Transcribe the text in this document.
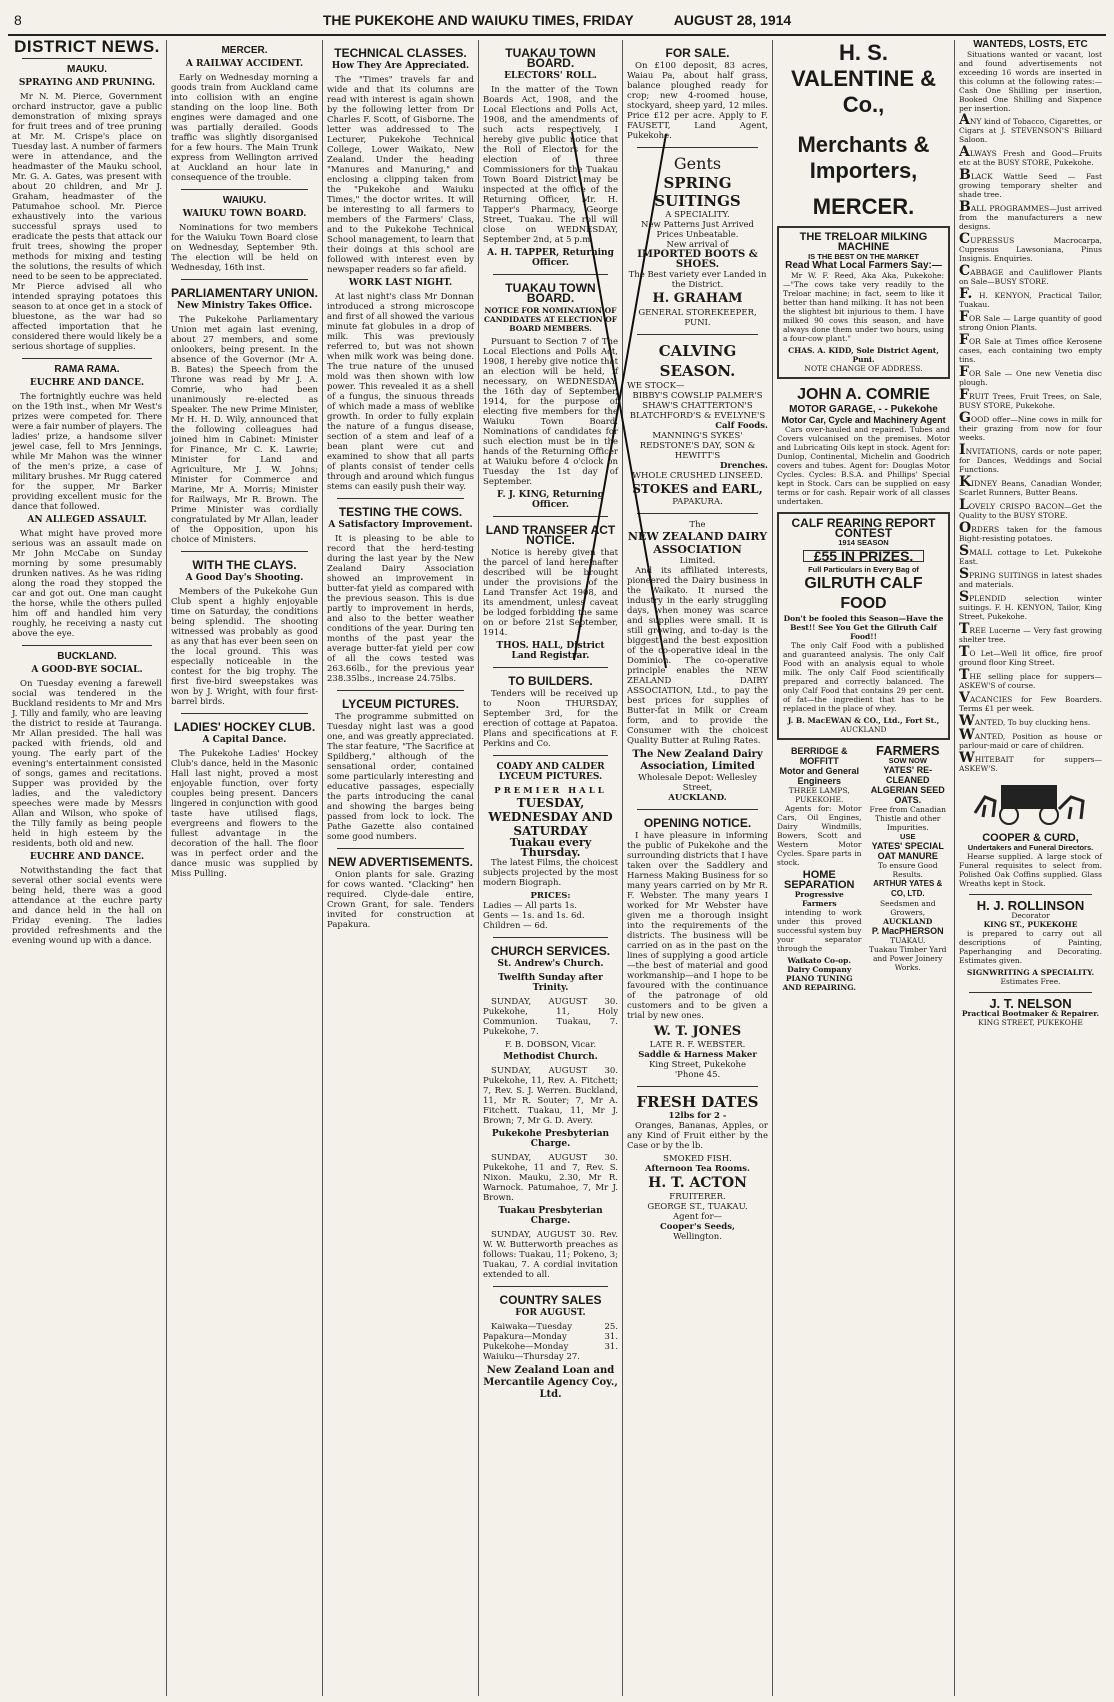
8	THE PUKEKOHE AND WAIUKU TIMES, FRIDAY	AUGUST 28, 1914
DISTRICT NEWS.
MAUKU.
SPRAYING AND PRUNING.

Mr N. M. Pierce, Government orchard instructor, gave a public demonstration of mixing sprays for fruit trees and of tree pruning at Mr. M. Crispe's place on Tuesday last. A number of farmers were in attendance, and the headmaster of the Mauku school, Mr. G. A. Gates, was present with about 20 children, and Mr J. Graham, headmaster of the Patumahoe school. Mr. Pierce exhaustively into the various successful sprays used to eradicate the pests that attack our fruit trees, showing the proper methods for mixing and testing the solutions, the results of which need to be seen to be appreciated. Mr Pierce advised all who intended spraying potatoes this season to at once get in a stock of bluestone, as the war had so affected importation that he considered there would likely be a serious shortage of supplies.

RAMA RAMA.
EUCHRE AND DANCE.

The fortnightly euchre was held on the 19th inst., when Mr West's prizes were competed for. There were a fair number of players. The ladies' prize, a handsome silver jewel case, fell to Mrs Jennings, while Mr Mahon was the winner of the men's prize, a case of military brushes. Mr Rugg catered for the supper, Mr Barker providing excellent music for the dance that followed.

AN ALLEGED ASSAULT.

What might have proved more serious was an assault made on Mr John McCabe on Sunday morning by some presumably drunken natives. As he was riding along the road they stopped the car and got out. One man caught the horse, while the others pulled him off and handled him very roughly, he receiving a nasty cut above the eye.

BUCKLAND.
A GOOD-BYE SOCIAL.

On Tuesday evening a farewell social was tendered in the Buckland residents to Mr and Mrs J. Tilly and family, who are leaving the district to reside at Tauranga. Mr Allan presided. The hall was packed with friends, old and young. The early part of the evening's entertainment consisted of songs, games and recitations. Supper was provided by the ladies, and the valedictory speeches were made by Messrs Allan and Wilson, who spoke of the Tilly family as being people held in high esteem by the residents, both old and new.

EUCHRE AND DANCE.

Notwithstanding the fact that several other social events were being held, there was a good attendance at the euchre party and dance held in the hall on Friday evening. The ladies provided refreshments and the evening wound up with a dance.

MERCER.
A RAILWAY ACCIDENT.

Early on Wednesday morning a goods train from Auckland came into collision with an engine standing on the loop line. Both engines were damaged and one was partially derailed. Goods traffic was slightly disorganised for a few hours. The Main Trunk express from Wellington arrived at Auckland an hour late in consequence of the trouble.

WAIUKU.
WAIUKU TOWN BOARD.

Nominations for two members for the Waiuku Town Board close on Wednesday, September 9th. The election will be held on Wednesday, 16th inst.

PARLIAMENTARY UNION.
New Ministry Takes Office.

The Pukekohe Parliamentary Union met again last evening, about 27 members, and some onlookers, being present. In the absence of the Governor (Mr A. B. Bates) the Speech from the Throne was read by Mr J. A. Comrie, who had been unanimously re-elected as Speaker. The new Prime Minister, Mr H. H. D. Wily, announced that the following colleagues had joined him in Cabinet: Minister for Finance, Mr C. K. Lawrie; Minister for Land and Agriculture, Mr J. W. Johns; Minister for Commerce and Marine, Mr A. Morris; Minister for Railways, Mr R. Brown. The Prime Minister was cordially congratulated by Mr Allan, leader of the Opposition, upon his choice of Ministers.

WITH THE CLAYS.
A Good Day's Shooting.

Members of the Pukekohe Gun Club spent a highly enjoyable time on Saturday, the conditions being splendid. The shooting witnessed was probably as good as any that has ever been seen on the local ground. This was especially noticeable in the contest for the big trophy. The first five-bird sweepstakes was won by J. Wright, with four first-barrel birds.

LADIES' HOCKEY CLUB.
A Capital Dance.

The Pukekohe Ladies' Hockey Club's dance, held in the Masonic Hall last night, proved a most enjoyable function, over forty couples being present. Dancers lingered in conjunction with good taste have utilised flags, evergreens and flowers to the fullest advantage in the decoration of the hall. The floor was in perfect order and the dance music was supplied by Miss Pulling.

TECHNICAL CLASSES.
How They Are Appreciated.

The "Times" travels far and wide and that its columns are read with interest is again shown by the following letter from Dr Charles F. Scott, of Gisborne. The letter was addressed to The Lecturer, Pukekohe Technical College, Lower Waikato, New Zealand. Under the heading "Manures and Manuring," and enclosing a clipping taken from the "Pukekohe and Waiuku Times," the doctor writes. It will be interesting to all farmers to members of the Farmers' Class, and to the Pukekohe Technical School management, to learn that their doings at this school are followed with interest even by newspaper readers so far afield.

WORK LAST NIGHT.

At last night's class Mr Donnan introduced a strong microscope and first of all showed the various minute fat globules in a drop of milk. This was previously referred to, but was not shown when milk work was being done. The true nature of the unused mold was then shown with low power. This revealed it as a shell of a fungus, the sinuous threads of which made a mass of weblike growth. In order to fully explain the nature of a fungus disease, section of a stem and leaf of a bean plant were cut and examined to show that all parts of plants consist of tender cells through and around which fungus stems can easily push their way.

TESTING THE COWS.
A Satisfactory Improvement.

It is pleasing to be able to record that the herd-testing during the last year by the New Zealand Dairy Association showed an improvement in butter-fat yield as compared with the previous season. This is due partly to improvement in herds, and also to the better weather conditions of the year. During ten months of the past year the average butter-fat yield per cow of all the cows tested was 263.66lb., for the previous year 238.35lbs., increase 24.75lbs.

LYCEUM PICTURES.

The programme submitted on Tuesday night last was a good one, and was greatly appreciated. The star feature, "The Sacrifice at Spildberg," although of the sensational order, contained some particularly interesting and educative passages, especially the parts introducing the canal and showing the barges being passed from lock to lock. The Pathe Gazette also contained some good numbers.

NEW ADVERTISEMENTS.

Onion plants for sale. Grazing for cows wanted. "Clacking" hen required. Clyde-dale entire, Crown Grant, for sale. Tenders invited for construction at Papakura.

TUAKAU TOWN BOARD.
ELECTORS' ROLL.

In the matter of the Town Boards Act, 1908, and the Local Elections and Polls Act, 1908, and the amendments of such acts respectively, I hereby give public notice that the Roll of Electors for the election of three Commissioners for the Tuakau Town Board District may be inspected at the office of the Returning Officer, Mr. H. Tapper's Pharmacy, George Street, Tuakau. The roll will close on WEDNESDAY, September 2nd, at 5 p.m.

A. H. TAPPER, Returning Officer.
TUAKAU TOWN BOARD.
NOTICE FOR NOMINATION OF CANDIDATES AT ELECTION OF BOARD MEMBERS.

Pursuant to Section 7 of The Local Elections and Polls Act, 1908, I hereby give notice that an election will be held, if necessary, on WEDNESDAY, the 16th day of September, 1914, for the purpose of electing five members for the Waiuku Town Board. Nominations of candidates for such election must be in the hands of the Returning Officer at Waiuku before 4 o'clock on Tuesday the 1st day of September.

F. J. KING, Returning Officer.
LAND TRANSFER ACT NOTICE.

Notice is hereby given that the parcel of land hereinafter described will be brought under the provisions of the Land Transfer Act 1908, and its amendment, unless caveat be lodged forbidding the same on or before 21st September, 1914.

THOS. HALL, District Land Registrar.
TO BUILDERS.

Tenders will be received up to Noon THURSDAY, September 3rd, for the erection of cottage at Papatoa. Plans and specifications at F. Perkins and Co.

COADY AND CALDER LYCEUM PICTURES.
PREMIER HALL
TUESDAY, WEDNESDAY AND SATURDAY
Tuakau every Thursday.

The latest Films, the choicest subjects projected by the most modern Biograph.

PRICES:
Ladies — All parts 1s.
Gents — 1s. and 1s. 6d.
Children — 6d.
CHURCH SERVICES.
St. Andrew's Church.
Twelfth Sunday after Trinity.

SUNDAY, AUGUST 30. Pukekohe, 11, Holy Communion. Tuakau, 7. Pukekohe, 7.

F. B. DOBSON, Vicar.
Methodist Church.

SUNDAY, AUGUST 30. Pukekohe, 11, Rev. A. Fitchett; 7, Rev. S. J. Werren. Buckland, 11, Mr R. Souter; 7, Mr A. Fitchett. Tuakau, 11, Mr J. Brown; 7, Mr G. D. Avery.

Pukekohe Presbyterian Charge.

SUNDAY, AUGUST 30. Pukekohe, 11 and 7, Rev. S. Nixon. Mauku, 2.30, Mr R. Warnock. Patumahoe, 7, Mr J. Brown.

Tuakau Presbyterian Charge.

SUNDAY, AUGUST 30. Rev. W. W. Butterworth preaches as follows: Tuakau, 11; Pokeno, 3; Tuakau, 7. A cordial invitation extended to all.

COUNTRY SALES
FOR AUGUST.

Kaiwaka—Tuesday 25. Papakura—Monday 31. Pukekohe—Monday 31. Waiuku—Thursday 27.

New Zealand Loan and Mercantile Agency Coy., Ltd.
FOR SALE.

On £100 deposit, 83 acres, Waiau Pa, about half grass, balance ploughed ready for crop; new 4-roomed house, stockyard, sheep yard, 12 miles. Price £12 per acre. Apply to F. FAUSETT, Land Agent, Pukekohe.

Gents
SPRING SUITINGS
A SPECIALITY.
New Patterns Just Arrived
Prices Unbeatable.
New arrival of
IMPORTED BOOTS & SHOES.
The Best variety ever Landed in the District.
H. GRAHAM
GENERAL STOREKEEPER, PUNI.
CALVING SEASON.
WE STOCK—
BIBBY'S COWSLIP PALMER'S SHAW'S CHATTERTON'S BLATCHFORD'S & EVELYNE'S
Calf Foods.
MANNING'S SYKES' REDSTONE'S DAY, SON & HEWITT'S
Drenches.
WHOLE CRUSHED LINSEED.
STOKES and EARL,
PAPAKURA.
The
NEW ZEALAND DAIRY ASSOCIATION
Limited.

And its affiliated interests, pioneered the Dairy business in the Waikato. It nursed the industry in the early struggling days, when money was scarce and supplies were small. It is still growing, and to-day is the biggest and the best exposition of the co-operative ideal in the Dominion. The co-operative principle enables the NEW ZEALAND DAIRY ASSOCIATION, Ltd., to pay the best prices for supplies of Butter-fat in Milk or Cream form, and to provide the Consumer with the choicest Quality Butter at Ruling Rates.

The New Zealand Dairy Association, Limited
Wholesale Depot: Wellesley Street,
AUCKLAND.
OPENING NOTICE.

I have pleasure in informing the public of Pukekohe and the surrounding districts that I have taken over the Saddlery and Harness Making Business for so many years carried on by Mr R. F. Webster. The many years I worked for Mr Webster have given me a thorough insight into the requirements of the districts. The business will be carried on as in the past on the lines of supplying a good article—the best of material and good workmanship—and I hope to be favoured with the continuance of the patronage of old customers and to be given a trial by new ones.

W. T. JONES
LATE R. F. WEBSTER.
Saddle & Harness Maker
King Street, Pukekohe
'Phone 45.
FRESH DATES
12lbs for 2 -

Oranges, Bananas, Apples, or any Kind of Fruit either by the Case or by the lb.

SMOKED FISH.
Afternoon Tea Rooms.
H. T. ACTON
FRUITERER.
GEORGE ST., TUAKAU.
Agent for—
Cooper's Seeds,
Wellington.
H. S. VALENTINE & Co.,
Merchants & Importers,
MERCER.
THE TRELOAR MILKING MACHINE
IS THE BEST ON THE MARKET
Read What Local Farmers Say:—

Mr W. F. Reed, Aka Aka, Pukekohe:—"The cows take very readily to the Treloar machine; in fact, seem to like it better than hand milking. It has not been the slightest bit injurious to them. I have milked 90 cows this season, and have always done them under two hours, using a four-cow plant."

CHAS. A. KIDD, Sole District Agent, Puni.
NOTE CHANGE OF ADDRESS.
JOHN A. COMRIE
MOTOR GARAGE, - - Pukekohe
Motor Car, Cycle and Machinery Agent

Cars over-hauled and repaired. Tubes and Covers vulcanised on the premises. Motor and Lubricating Oils kept in stock. Agent for: Dunlop, Continental, Michelin and Goodrich covers and tubes. Agent for: Douglas Motor Cycles. Cycles: B.S.A. and Phillips' Special kept in Stock. Cars can be supplied on easy terms or for cash. Repair work of all classes undertaken.

CALF REARING REPORT CONTEST
1914 SEASON
£55 IN PRIZES.
Full Particulars in Every Bag of
GILRUTH CALF FOOD
Don't be fooled this Season—Have the Best!! See You Get the Gilruth Calf Food!!

The only Calf Food with a published and guaranteed analysis. The only Calf Food with an analysis equal to whole milk. The only Calf Food scientifically prepared and correctly balanced. The only Calf Food that contains 29 per cent. of fat—the ingredient that has to be replaced in the place of whey.

J. B. MacEWAN & CO., Ltd., Fort St.,
AUCKLAND
BERRIDGE & MOFFITT
Motor and General Engineers
THREE LAMPS, PUKEKOHE.

Agents for: Motor Cars, Oil Engines, Dairy Windmills, Bowers, Scott and Western Motor Cycles. Spare parts in stock.

HOME SEPARATION
Progressive Farmers

intending to work under this proved successful system buy your separator through the

Waikato Co-op. Dairy Company
PIANO TUNING AND REPAIRING.
FARMERS
SOW NOW
YATES' RE-CLEANED
ALGERIAN SEED OATS.
Free from Canadian Thistle and other Impurities.
USE
YATES' SPECIAL OAT MANURE
To ensure Good Results.
ARTHUR YATES & CO, LTD.
Seedsmen and Growers,
AUCKLAND
P. MacPHERSON
TUAKAU.
Tuakau Timber Yard and Power Joinery Works.
WANTEDS, LOSTS, ETC

Situations wanted or vacant, lost and found advertisements not exceeding 16 words are inserted in this column at the following rates:—Cash One Shilling per insertion, Booked One Shilling and Sixpence per insertion.

ANY kind of Tobacco, Cigarettes, or Cigars at J. STEVENSON'S Billiard Saloon.

ALWAYS Fresh and Good—Fruits etc at the BUSY STORE, Pukekohe.

BLACK Wattle Seed — Fast growing temporary shelter and shade tree.

BALL PROGRAMMES—Just arrived from the manufacturers a new designs.

CUPRESSUS Macrocarpa, Cupressus Lawsoniana, Pinus Insignis. Enquiries.

CABBAGE and Cauliflower Plants on Sale—BUSY STORE.

F. H. KENYON, Practical Tailor, Tuakau.

FOR Sale — Large quantity of good strong Onion Plants.

FOR Sale at Times office Kerosene cases, each containing two empty tins.

FOR Sale — One new Venetia disc plough.

FRUIT Trees, Fruit Trees, on Sale, BUSY STORE, Pukekohe.

GOOD offer—Nine cows in milk for their grazing from now for four weeks.

INVITATIONS, cards or note paper, for Dances, Weddings and Social Functions.

KIDNEY Beans, Canadian Wonder, Scarlet Runners, Butter Beans.

LOVELY CRISPO BACON—Get the Quality to the BUSY STORE.

ORDERS taken for the famous Bight-resisting potatoes.

SMALL cottage to Let. Pukekohe East.

SPRING SUITINGS in latest shades and materials.

SPLENDID selection winter suitings. F. H. KENYON, Tailor, King Street, Pukekohe.

TREE Lucerne — Very fast growing shelter tree.

TO Let—Well lit office, fire proof ground floor King Street.

THE selling place for suppers—ASKEW'S of course.

VACANCIES for Few Boarders. Terms £1 per week.

WANTED, To buy clucking hens.

WANTED, Position as house or parlour-maid or care of children.

WHITEBAIT for suppers—ASKEW'S.

COOPER & CURD,
Undertakers and Funeral Directors.

Hearse supplied. A large stock of Funeral requisites to select from. Polished Oak Coffins supplied. Glass Wreaths kept in Stock.

H. J. ROLLINSON
Decorator
KING ST., PUKEKOHE

is prepared to carry out all descriptions of Painting, Paperhanging and Decorating. Estimates given.

SIGNWRITING A SPECIALITY.
Estimates Free.
J. T. NELSON
Practical Bootmaker & Repairer.
KING STREET, PUKEKOHE
